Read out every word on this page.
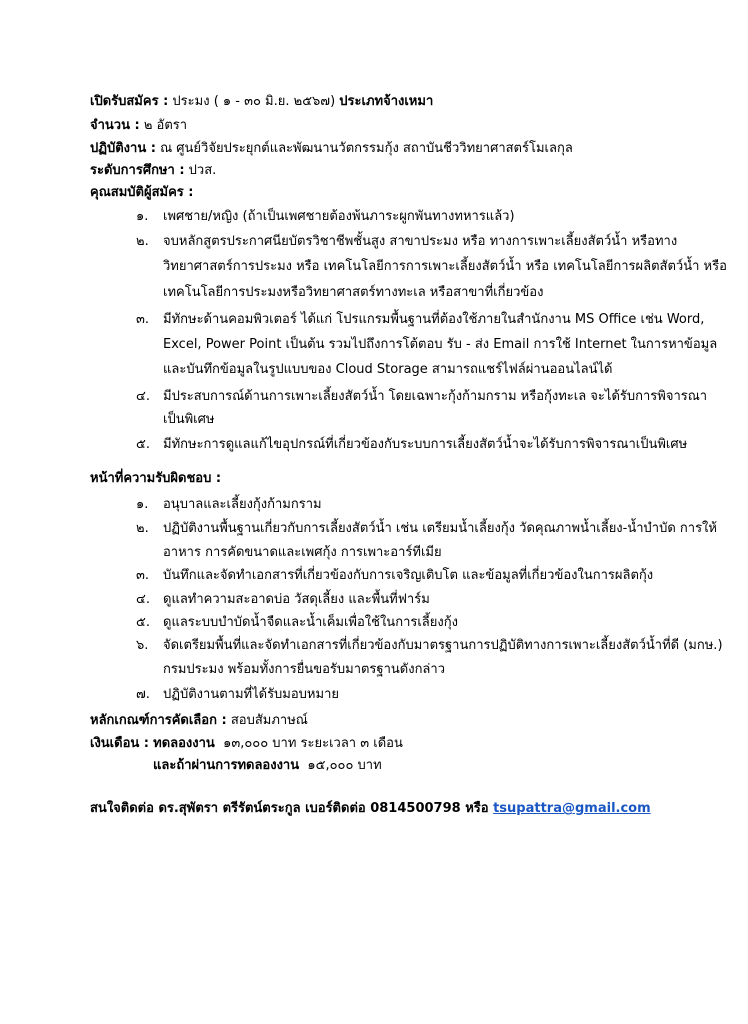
เปิดรับสมัคร : ประมง ( ๑ - ๓๐ มิ.ย. ๒๕๖๗) ประเภทจ้างเหมา
จำนวน : ๒ อัตรา
ปฏิบัติงาน : ณ ศูนย์วิจัยประยุกต์และพัฒนานวัตกรรมกุ้ง สถาบันชีววิทยาศาสตร์โมเลกุล
ระดับการศึกษา : ปวส.
คุณสมบัติผู้สมัคร :
๑. เพศชาย/หญิง (ถ้าเป็นเพศชายต้องพ้นภาระผูกพันทางทหารแล้ว)
๒. จบหลักสูตรประกาศนียบัตรวิชาชีพชั้นสูง สาขาประมง หรือ ทางการเพาะเลี้ยงสัตว์น้ำ หรือทาง
วิทยาศาสตร์การประมง หรือ เทคโนโลยีการการเพาะเลี้ยงสัตว์น้ำ หรือ เทคโนโลยีการผลิตสัตว์น้ำ หรือ
เทคโนโลยีการประมงหรือวิทยาศาสตร์ทางทะเล หรือสาขาที่เกี่ยวข้อง
๓. มีทักษะด้านคอมพิวเตอร์ ได้แก่ โปรแกรมพื้นฐานที่ต้องใช้ภายในสำนักงาน MS Office เช่น Word,
Excel, Power Point เป็นต้น รวมไปถึงการโต้ตอบ รับ - ส่ง Email การใช้ Internet ในการหาข้อมูล
และบันทึกข้อมูลในรูปแบบของ Cloud Storage สามารถแชร์ไฟล์ผ่านออนไลน์ได้
๔. มีประสบการณ์ด้านการเพาะเลี้ยงสัตว์น้ำ โดยเฉพาะกุ้งก้ามกราม หรือกุ้งทะเล จะได้รับการพิจารณา
เป็นพิเศษ
๕. มีทักษะการดูแลแก้ไขอุปกรณ์ที่เกี่ยวข้องกับระบบการเลี้ยงสัตว์น้ำจะได้รับการพิจารณาเป็นพิเศษ
หน้าที่ความรับผิดชอบ :
๑. อนุบาลและเลี้ยงกุ้งก้ามกราม
๒. ปฏิบัติงานพื้นฐานเกี่ยวกับการเลี้ยงสัตว์น้ำ เช่น เตรียมน้ำเลี้ยงกุ้ง วัดคุณภาพน้ำเลี้ยง-น้ำบำบัด การให้
อาหาร การคัดขนาดและเพศกุ้ง การเพาะอาร์ทีเมีย
๓. บันทึกและจัดทำเอกสารที่เกี่ยวข้องกับการเจริญเติบโต และข้อมูลที่เกี่ยวข้องในการผลิตกุ้ง
๔. ดูแลทำความสะอาดบ่อ วัสดุเลี้ยง และพื้นที่ฟาร์ม
๕. ดูแลระบบบำบัดน้ำจืดและน้ำเค็มเพื่อใช้ในการเลี้ยงกุ้ง
๖. จัดเตรียมพื้นที่และจัดทำเอกสารที่เกี่ยวข้องกับมาตรฐานการปฏิบัติทางการเพาะเลี้ยงสัตว์น้ำที่ดี (มกษ.)
กรมประมง พร้อมทั้งการยื่นขอรับมาตรฐานดังกล่าว
๗. ปฏิบัติงานตามที่ได้รับมอบหมาย
หลักเกณฑ์การคัดเลือก : สอบสัมภาษณ์
เงินเดือน : ทดลองงาน ๑๓,๐๐๐ บาท ระยะเวลา ๓ เดือน
และถ้าผ่านการทดลองงาน ๑๕,๐๐๐ บาท
สนใจติดต่อ ดร.สุพัตรา ตรีรัตน์ตระกูล เบอร์ติดต่อ 0814500798 หรือ tsupattra@gmail.com
